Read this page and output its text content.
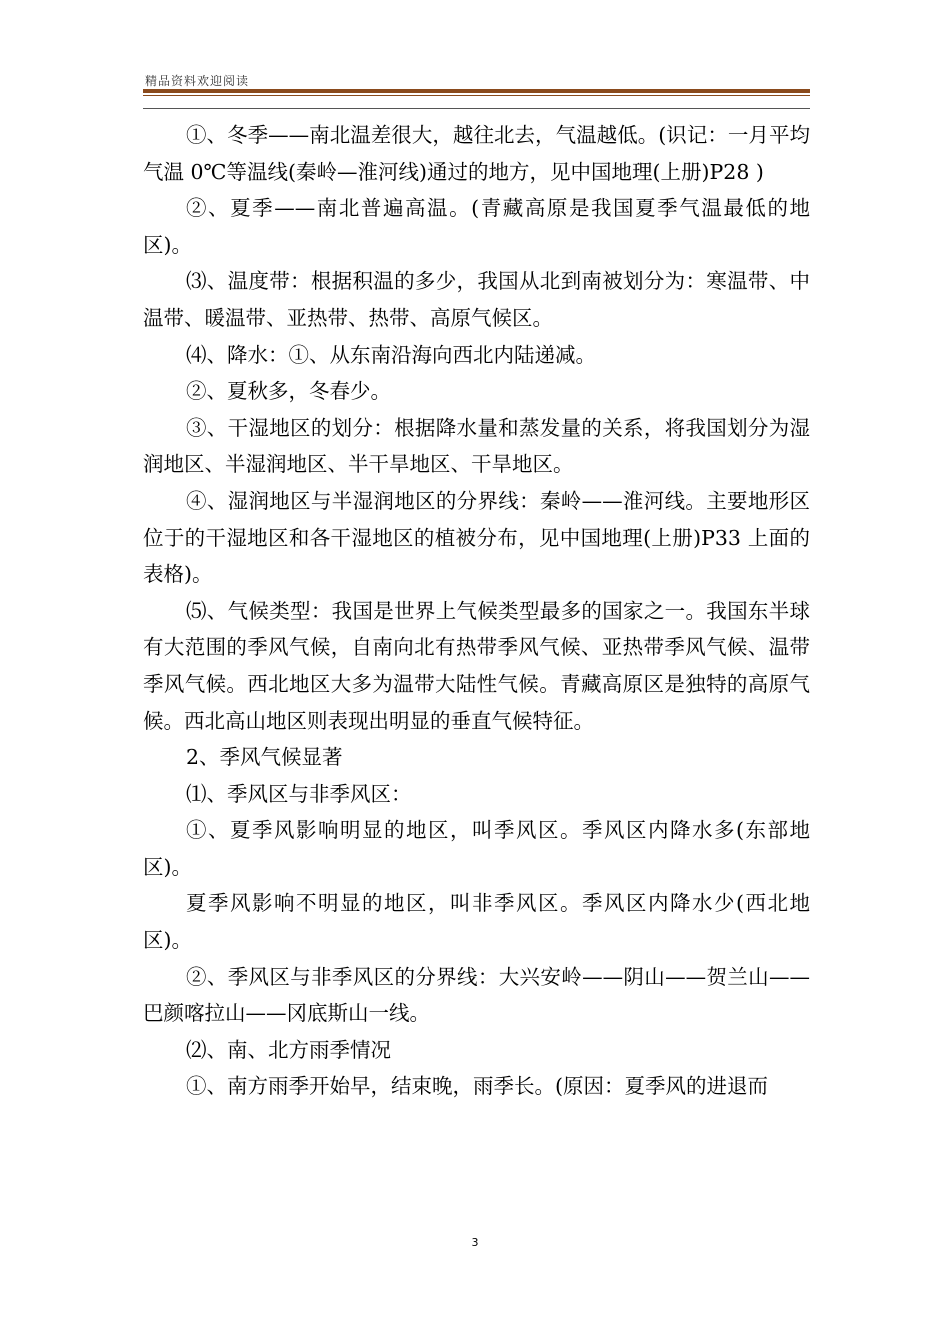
精品资料欢迎阅读

①、冬季——南北温差很大，越往北去，气温越低。(识记：一月平均气温 0℃等温线(秦岭—淮河线)通过的地方，见中国地理(上册)P28 )

②、夏季——南北普遍高温。(青藏高原是我国夏季气温最低的地区)。

⑶、温度带：根据积温的多少，我国从北到南被划分为：寒温带、中温带、暖温带、亚热带、热带、高原气候区。

⑷、降水：①、从东南沿海向西北内陆递减。

②、夏秋多，冬春少。

③、干湿地区的划分：根据降水量和蒸发量的关系，将我国划分为湿润地区、半湿润地区、半干旱地区、干旱地区。

④、湿润地区与半湿润地区的分界线：秦岭——淮河线。主要地形区位于的干湿地区和各干湿地区的植被分布，见中国地理(上册)P33 上面的表格)。

⑸、气候类型：我国是世界上气候类型最多的国家之一。我国东半球有大范围的季风气候，自南向北有热带季风气候、亚热带季风气候、温带季风气候。西北地区大多为温带大陆性气候。青藏高原区是独特的高原气候。西北高山地区则表现出明显的垂直气候特征。

2、季风气候显著

⑴、季风区与非季风区：

①、夏季风影响明显的地区，叫季风区。季风区内降水多(东部地区)。

夏季风影响不明显的地区，叫非季风区。季风区内降水少(西北地区)。

②、季风区与非季风区的分界线：大兴安岭——阴山——贺兰山——巴颜喀拉山——冈底斯山一线。

⑵、南、北方雨季情况

①、南方雨季开始早，结束晚，雨季长。(原因：夏季风的进退而

3
